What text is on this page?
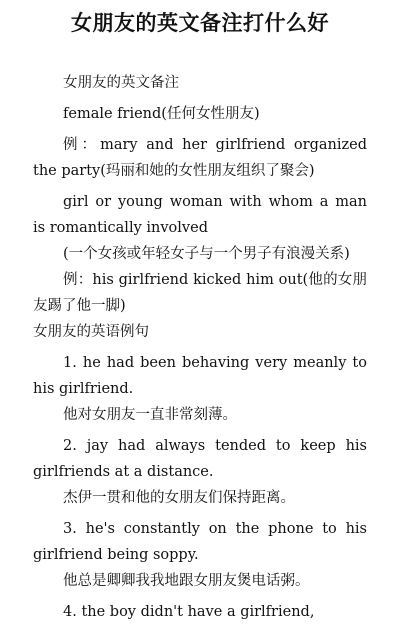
女朋友的英文备注打什么好

女朋友的英文备注

female friend(任何女性朋友)

例：mary and her girlfriend organized the party(玛丽和她的女性朋友组织了聚会)

girl or young woman with whom a man is romantically involved

(一个女孩或年轻女子与一个男子有浪漫关系)

例：his girlfriend kicked him out(他的女朋友踢了他一脚)

女朋友的英语例句

1. he had been behaving very meanly to his girlfriend.

他对女朋友一直非常刻薄。

2. jay had always tended to keep his girlfriends at a distance.

杰伊一贯和他的女朋友们保持距离。

3. he's constantly on the phone to his girlfriend being soppy.

他总是卿卿我我地跟女朋友煲电话粥。

4. the boy didn't have a girlfriend,
